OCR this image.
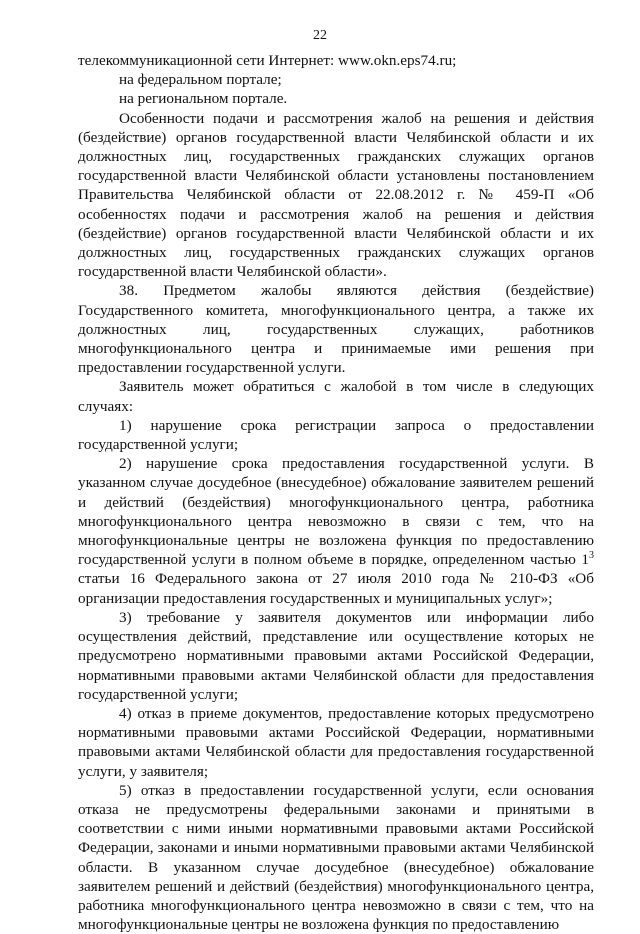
22

телекоммуникационной сети Интернет: www.okn.eps74.ru;

на федеральном портале;

на региональном портале.

Особенности подачи и рассмотрения жалоб на решения и действия (бездействие) органов государственной власти Челябинской области и их должностных лиц, государственных гражданских служащих органов государственной власти Челябинской области установлены постановлением Правительства Челябинской области от 22.08.2012 г. № 459-П «Об особенностях подачи и рассмотрения жалоб на решения и действия (бездействие) органов государственной власти Челябинской области и их должностных лиц, государственных гражданских служащих органов государственной власти Челябинской области».

38. Предметом жалобы являются действия (бездействие) Государственного комитета, многофункционального центра, а также их должностных лиц, государственных служащих, работников многофункционального центра и принимаемые ими решения при предоставлении государственной услуги.

Заявитель может обратиться с жалобой в том числе в следующих случаях:

1) нарушение срока регистрации запроса о предоставлении государственной услуги;

2) нарушение срока предоставления государственной услуги. В указанном случае досудебное (внесудебное) обжалование заявителем решений и действий (бездействия) многофункционального центра, работника многофункционального центра невозможно в связи с тем, что на многофункциональные центры не возложена функция по предоставлению государственной услуги в полном объеме в порядке, определенном частью $1^3$ статьи 16 Федерального закона от 27 июля 2010 года № 210-ФЗ «Об организации предоставления государственных и муниципальных услуг»;

3) требование у заявителя документов или информации либо осуществления действий, представление или осуществление которых не предусмотрено нормативными правовыми актами Российской Федерации, нормативными правовыми актами Челябинской области для предоставления государственной услуги;

4) отказ в приеме документов, предоставление которых предусмотрено нормативными правовыми актами Российской Федерации, нормативными правовыми актами Челябинской области для предоставления государственной услуги, у заявителя;

5) отказ в предоставлении государственной услуги, если основания отказа не предусмотрены федеральными законами и принятыми в соответствии с ними иными нормативными правовыми актами Российской Федерации, законами и иными нормативными правовыми актами Челябинской области. В указанном случае досудебное (внесудебное) обжалование заявителем решений и действий (бездействия) многофункционального центра, работника многофункционального центра невозможно в связи с тем, что на многофункциональные центры не возложена функция по предоставлению
